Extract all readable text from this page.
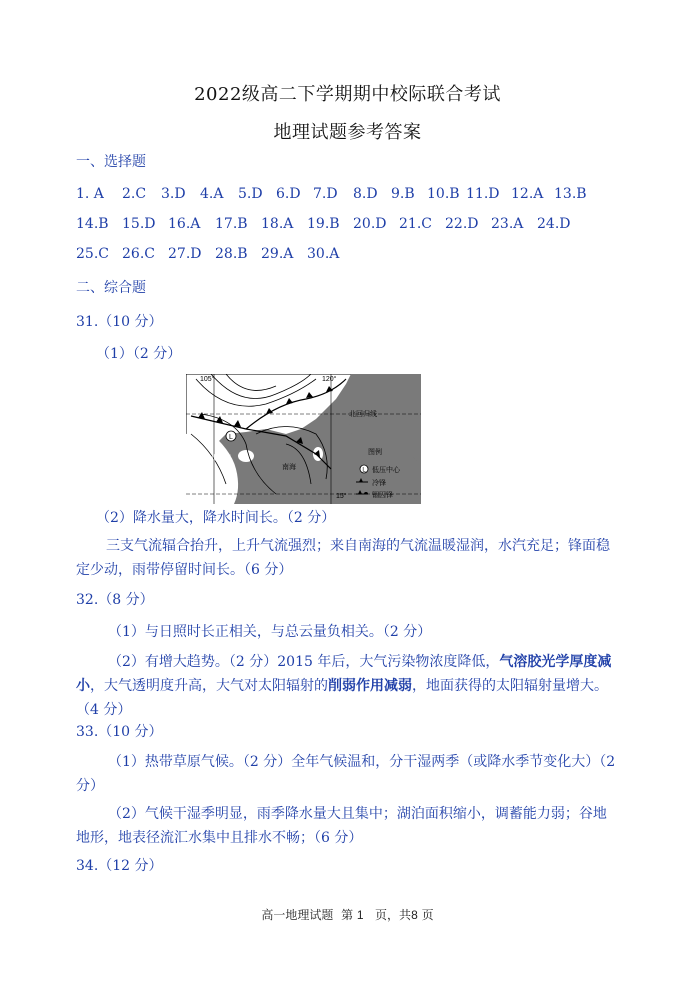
2022级高二下学期期中校际联合考试
地理试题参考答案
一、选择题
1. A 2.C 3.D 4.A 5.D 6.D 7.D 8.D 9.B 10.B 11.D 12.A 13.B
14.B 15.D 16.A 17.B 18.A 19.B 20.D 21.C 22.D 23.A 24.D
25.C 26.C 27.D 28.B 29.A 30.A
二、综合题
31.（10 分）
（1）（2 分）
L
105°	120°
北回归线
北部湾
南海
15°
图例
L 低压中心
冷锋
锢囚锋
（2）降水量大，降水时间长。（2 分）
三支气流辐合抬升，上升气流强烈；来自南海的气流温暖湿润，水汽充足；锋面稳定少动，雨带停留时间长。（6 分）
32.（8 分）
（1）与日照时长正相关，与总云量负相关。（2 分）
（2）有增大趋势。（2 分）2015 年后，大气污染物浓度降低，气溶胶光学厚度减小，大气透明度升高，大气对太阳辐射的削弱作用减弱，地面获得的太阳辐射量增大。（4 分）
33.（10 分）
（1）热带草原气候。（2 分）全年气候温和，分干湿两季（或降水季节变化大）（2 分）
（2）气候干湿季明显，雨季降水量大且集中；湖泊面积缩小，调蓄能力弱；谷地地形，地表径流汇水集中且排水不畅；（6 分）
34.（12 分）
高一地理试题 第 1 页，共8 页
